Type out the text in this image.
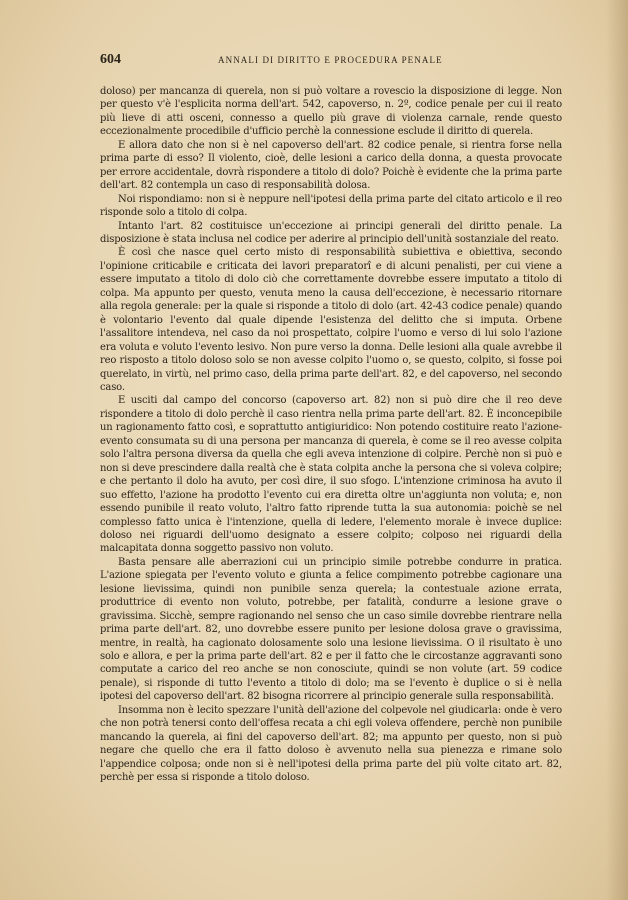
604	ANNALI DI DIRITTO E PROCEDURA PENALE

doloso) per mancanza di querela, non si può voltare a rovescio la disposizione di legge. Non per questo v'è l'esplicita norma dell'art. 542, capoverso, n. 2º, codice penale per cui il reato più lieve di atti osceni, connesso a quello più grave di violenza carnale, rende questo eccezionalmente procedibile d'ufficio perchè la connessione esclude il diritto di querela.

E allora dato che non si è nel capoverso dell'art. 82 codice penale, si rientra forse nella prima parte di esso? Il violento, cioè, delle lesioni a carico della donna, a questa provocate per errore accidentale, dovrà rispondere a titolo di dolo? Poichè è evidente che la prima parte dell'art. 82 contempla un caso di responsabilità dolosa.

Noi rispondiamo: non si è neppure nell'ipotesi della prima parte del citato articolo e il reo risponde solo a titolo di colpa.

Intanto l'art. 82 costituisce un'eccezione ai principi generali del diritto penale. La disposizione è stata inclusa nel codice per aderire al principio dell'unità sostanziale del reato.

È così che nasce quel certo misto di responsabilità subiettiva e obiettiva, secondo l'opinione criticabile e criticata dei lavori preparatorî e di alcuni penalisti, per cui viene a essere imputato a titolo di dolo ciò che correttamente dovrebbe essere imputato a titolo di colpa. Ma appunto per questo, venuta meno la causa dell'eccezione, è necessario ritornare alla regola generale: per la quale si risponde a titolo di dolo (art. 42-43 codice penale) quando è volontario l'evento dal quale dipende l'esistenza del delitto che si imputa. Orbene l'assalitore intendeva, nel caso da noi prospettato, colpire l'uomo e verso di lui solo l'azione era voluta e voluto l'evento lesivo. Non pure verso la donna. Delle lesioni alla quale avrebbe il reo risposto a titolo doloso solo se non avesse colpito l'uomo o, se questo, colpito, si fosse poi querelato, in virtù, nel primo caso, della prima parte dell'art. 82, e del capoverso, nel secondo caso.

E usciti dal campo del concorso (capoverso art. 82) non si può dire che il reo deve rispondere a titolo di dolo perchè il caso rientra nella prima parte dell'art. 82. È inconcepibile un ragionamento fatto così, e soprattutto antigiuridico: Non potendo costituire reato l'azione-evento consumata su di una persona per mancanza di querela, è come se il reo avesse colpita solo l'altra persona diversa da quella che egli aveva intenzione di colpire. Perchè non si può e non si deve prescindere dalla realtà che è stata colpita anche la persona che si voleva colpire; e che pertanto il dolo ha avuto, per così dire, il suo sfogo. L'intenzione criminosa ha avuto il suo effetto, l'azione ha prodotto l'evento cui era diretta oltre un'aggiunta non voluta; e, non essendo punibile il reato voluto, l'altro fatto riprende tutta la sua autonomia: poichè se nel complesso fatto unica è l'intenzione, quella di ledere, l'elemento morale è invece duplice: doloso nei riguardi dell'uomo designato a essere colpito; colposo nei riguardi della malcapitata donna soggetto passivo non voluto.

Basta pensare alle aberrazioni cui un principio simile potrebbe condurre in pratica. L'azione spiegata per l'evento voluto e giunta a felice compimento potrebbe cagionare una lesione lievissima, quindi non punibile senza querela; la contestuale azione errata, produttrice di evento non voluto, potrebbe, per fatalità, condurre a lesione grave o gravissima. Sicchè, sempre ragionando nel senso che un caso simile dovrebbe rientrare nella prima parte dell'art. 82, uno dovrebbe essere punito per lesione dolosa grave o gravissima, mentre, in realtà, ha cagionato dolosamente solo una lesione lievissima. O il risultato è uno solo e allora, e per la prima parte dell'art. 82 e per il fatto che le circostanze aggravanti sono computate a carico del reo anche se non conosciute, quindi se non volute (art. 59 codice penale), si risponde di tutto l'evento a titolo di dolo; ma se l'evento è duplice o si è nella ipotesi del capoverso dell'art. 82 bisogna ricorrere al principio generale sulla responsabilità.

Insomma non è lecito spezzare l'unità dell'azione del colpevole nel giudicarla: onde è vero che non potrà tenersi conto dell'offesa recata a chi egli voleva offendere, perchè non punibile mancando la querela, ai fini del capoverso dell'art. 82; ma appunto per questo, non si può negare che quello che era il fatto doloso è avvenuto nella sua pienezza e rimane solo l'appendice colposa; onde non si è nell'ipotesi della prima parte del più volte citato art. 82, perchè per essa si risponde a titolo doloso.
